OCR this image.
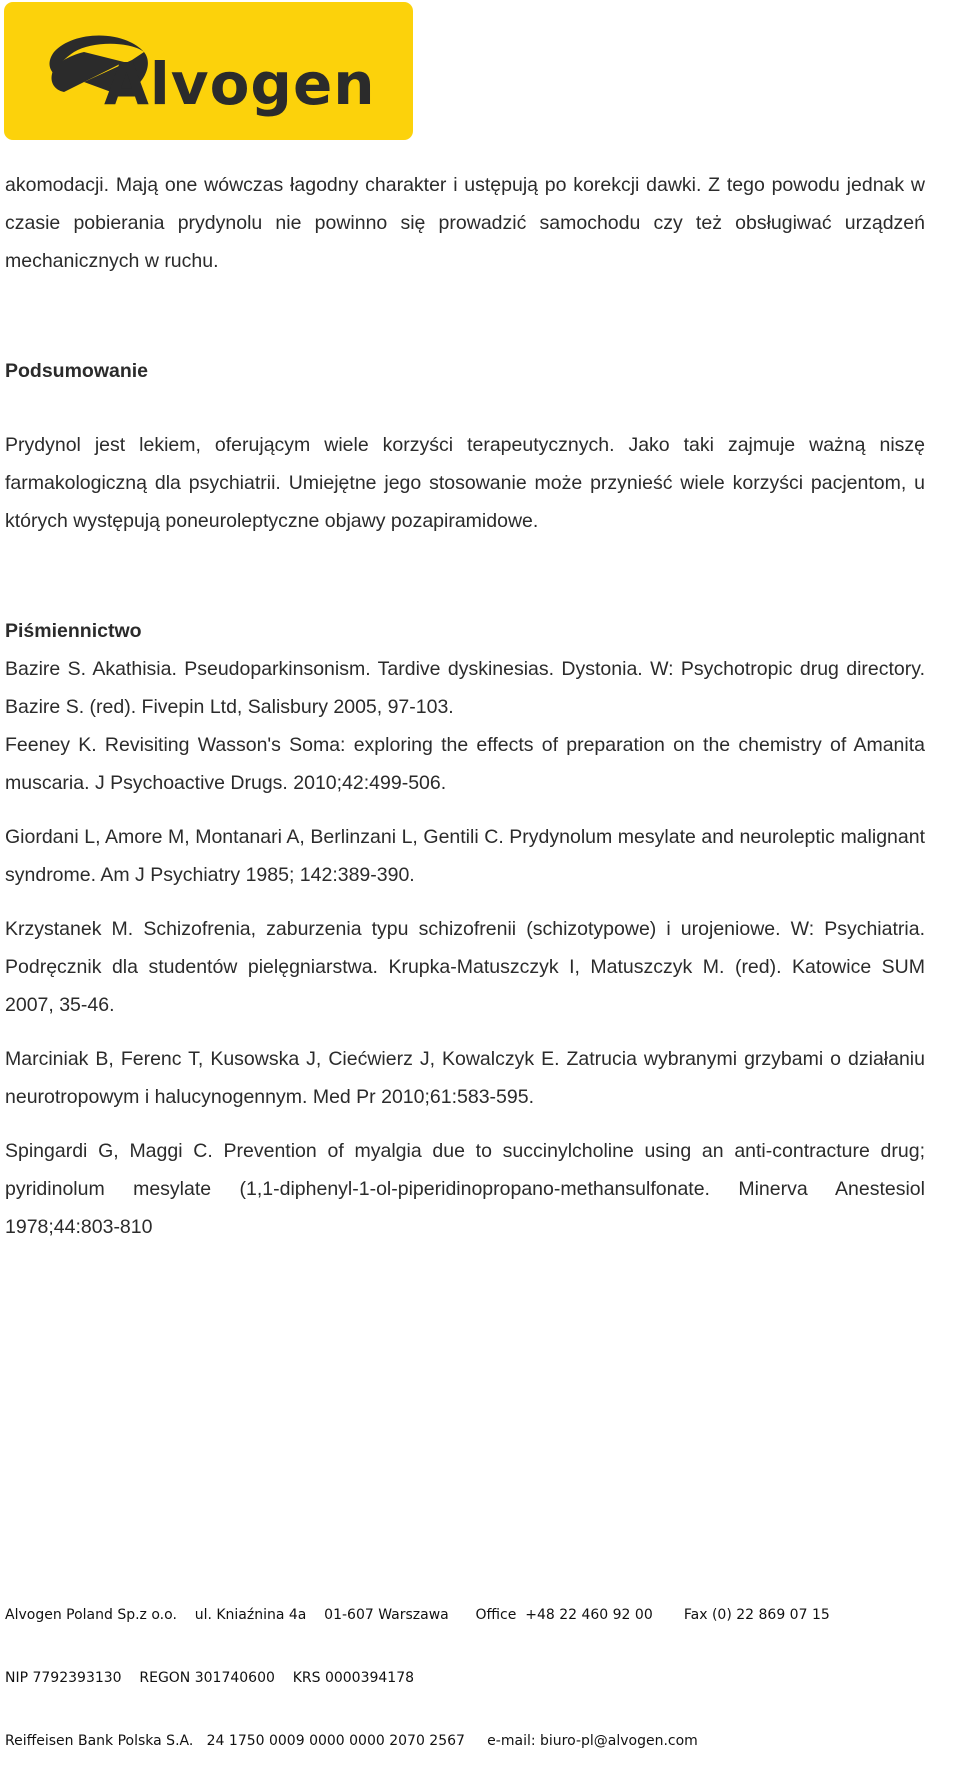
Alvogen

akomodacji. Mają one wówczas łagodny charakter i ustępują po korekcji dawki. Z tego powodu jednak w czasie pobierania prydynolu nie powinno się prowadzić samochodu czy też obsługiwać urządzeń mechanicznych w ruchu.

Podsumowanie

Prydynol jest lekiem, oferującym wiele korzyści terapeutycznych. Jako taki zajmuje ważną niszę farmakologiczną dla psychiatrii. Umiejętne jego stosowanie może przynieść wiele korzyści pacjentom, u których występują poneuroleptyczne objawy pozapiramidowe.

Piśmiennictwo

Bazire S. Akathisia. Pseudoparkinsonism. Tardive dyskinesias. Dystonia. W: Psychotropic drug directory. Bazire S. (red). Fivepin Ltd, Salisbury 2005, 97-103.

Feeney K. Revisiting Wasson's Soma: exploring the effects of preparation on the chemistry of Amanita muscaria. J Psychoactive Drugs. 2010;42:499-506.

Giordani L, Amore M, Montanari A, Berlinzani L, Gentili C. Prydynolum mesylate and neuroleptic malignant syndrome. Am J Psychiatry 1985; 142:389-390.

Krzystanek M. Schizofrenia, zaburzenia typu schizofrenii (schizotypowe) i urojeniowe. W: Psychiatria. Podręcznik dla studentów pielęgniarstwa. Krupka-Matuszczyk I, Matuszczyk M. (red). Katowice SUM 2007, 35-46.

Marciniak B, Ferenc T, Kusowska J, Ciećwierz J, Kowalczyk E. Zatrucia wybranymi grzybami o działaniu neurotropowym i halucynogennym. Med Pr 2010;61:583-595.

Spingardi G, Maggi C. Prevention of myalgia due to succinylcholine using an anti-contracture drug; pyridinolum mesylate (1,1-diphenyl-1-ol-piperidinopropano-methansulfonate. Minerva Anestesiol 1978;44:803-810

Alvogen Poland Sp.z o.o.    ul. Kniaźnina 4a    01-607 Warszawa      Office  +48 22 460 92 00       Fax (0) 22 869 07 15

NIP 7792393130    REGON 301740600    KRS 0000394178

Reiffeisen Bank Polska S.A.   24 1750 0009 0000 0000 2070 2567     e-mail: biuro-pl@alvogen.com
